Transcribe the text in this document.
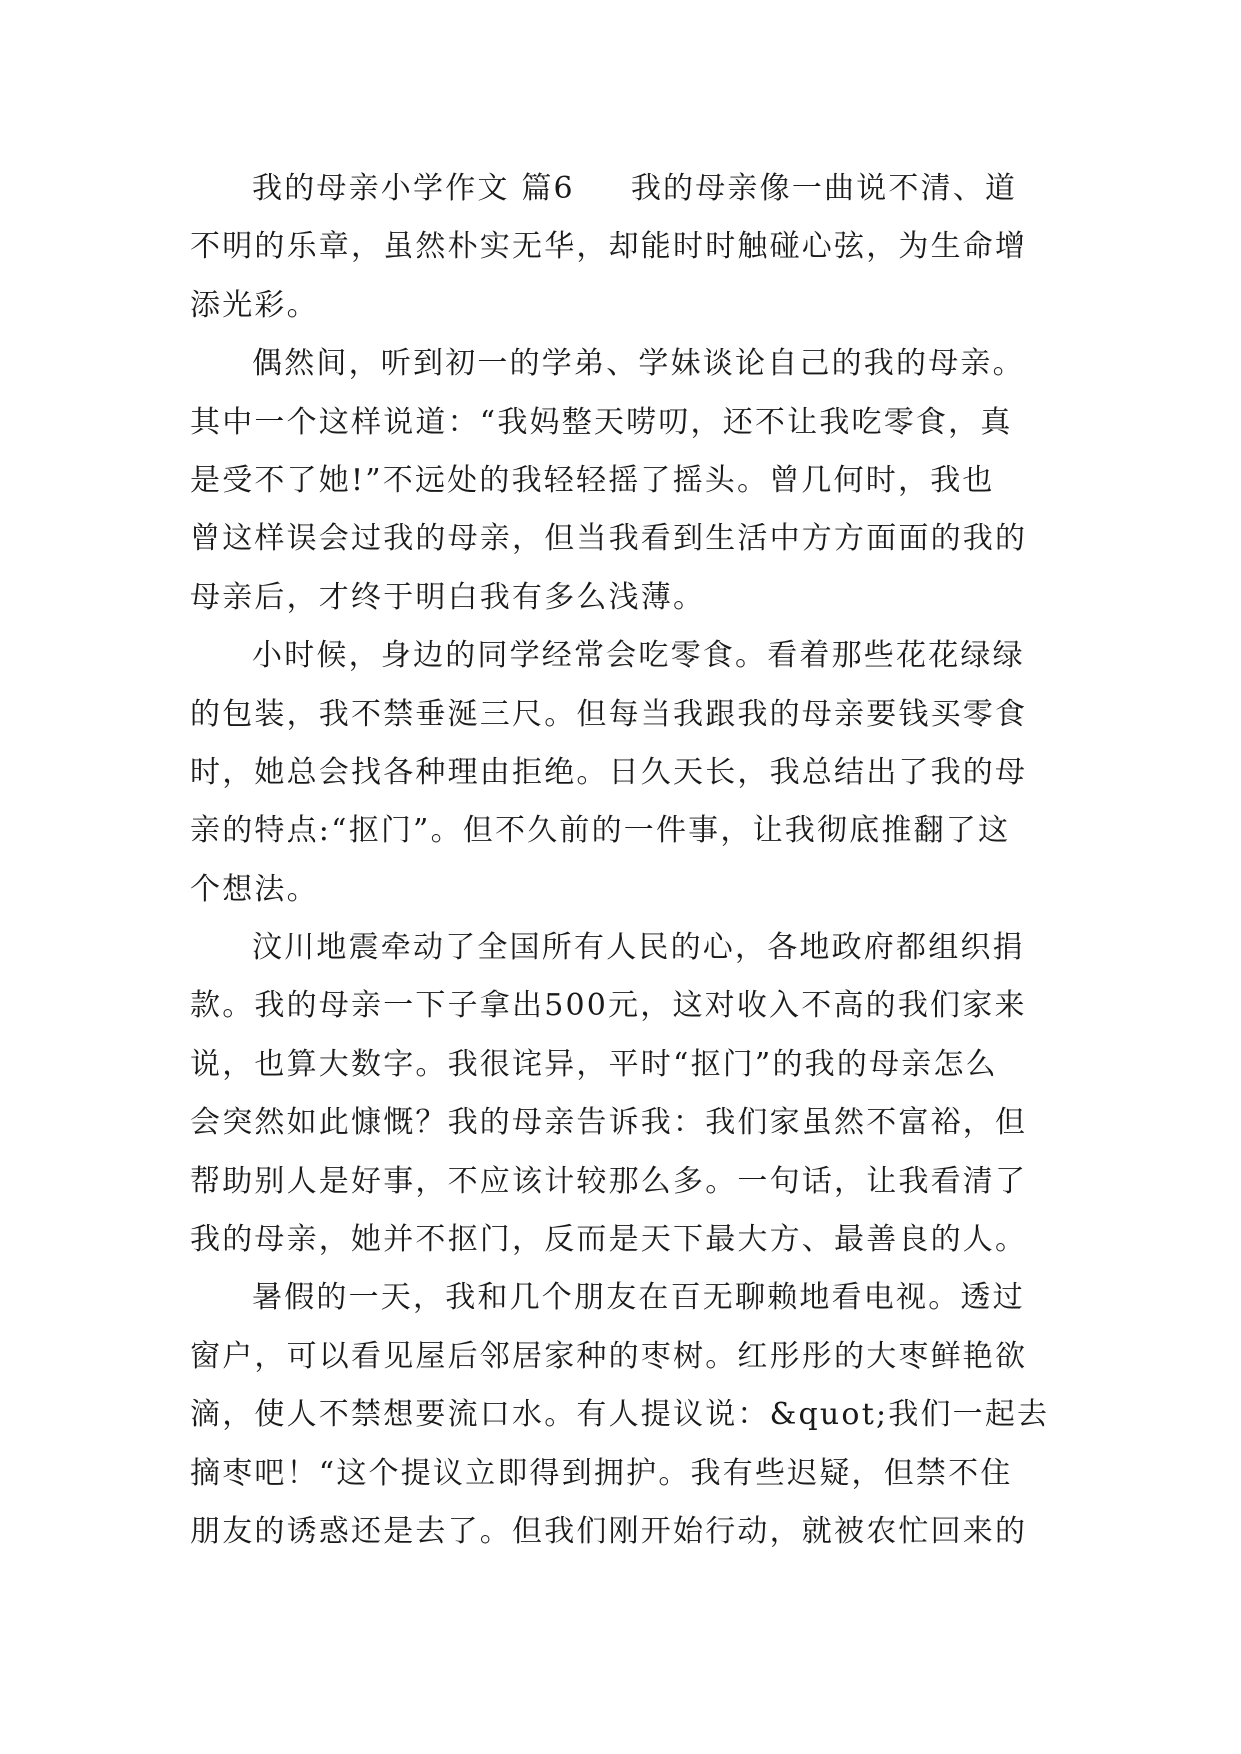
我的母亲小学作文 篇6 我的母亲像一曲说不清、道
不明的乐章，虽然朴实无华，却能时时触碰心弦，为生命增
添光彩。
偶然间，听到初一的学弟、学妹谈论自己的我的母亲。
其中一个这样说道：“我妈整天唠叨，还不让我吃零食，真
是受不了她!”不远处的我轻轻摇了摇头。曾几何时，我也
曾这样误会过我的母亲，但当我看到生活中方方面面的我的
母亲后，才终于明白我有多么浅薄。
小时候，身边的同学经常会吃零食。看着那些花花绿绿
的包装，我不禁垂涎三尺。但每当我跟我的母亲要钱买零食
时，她总会找各种理由拒绝。日久天长，我总结出了我的母
亲的特点:“抠门”。但不久前的一件事，让我彻底推翻了这
个想法。
汶川地震牵动了全国所有人民的心，各地政府都组织捐
款。我的母亲一下子拿出500元，这对收入不高的我们家来
说，也算大数字。我很诧异，平时“抠门”的我的母亲怎么
会突然如此慷慨？我的母亲告诉我：我们家虽然不富裕，但
帮助别人是好事，不应该计较那么多。一句话，让我看清了
我的母亲，她并不抠门，反而是天下最大方、最善良的人。
暑假的一天，我和几个朋友在百无聊赖地看电视。透过
窗户，可以看见屋后邻居家种的枣树。红彤彤的大枣鲜艳欲
滴，使人不禁想要流口水。有人提议说：&quot;我们一起去
摘枣吧！“这个提议立即得到拥护。我有些迟疑，但禁不住
朋友的诱惑还是去了。但我们刚开始行动，就被农忙回来的
